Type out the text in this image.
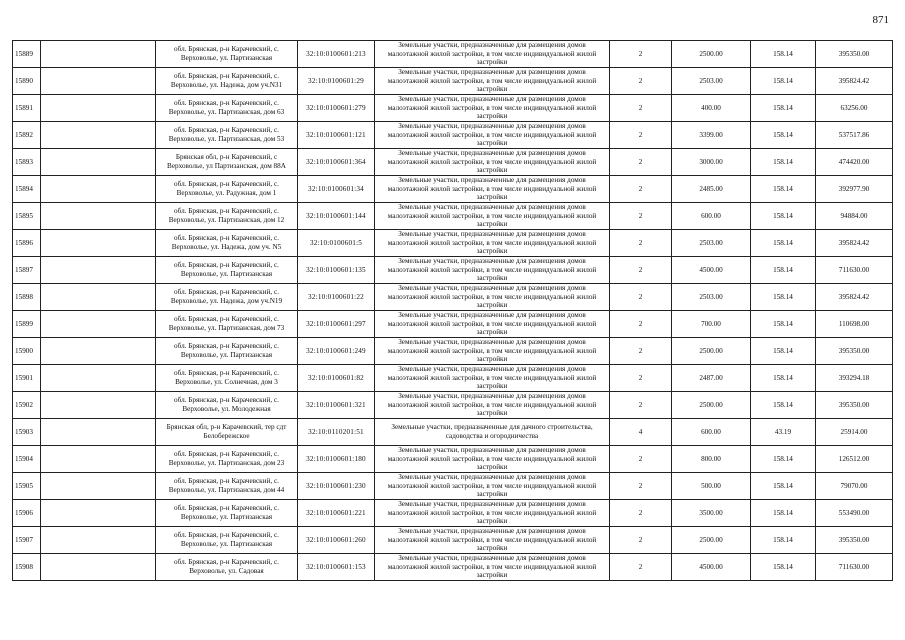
871
15889		обл. Брянская, р-н Карачевский, с. Верховолье, ул. Партизанская	32:10:0100601:213	Земельные участки, предназначенные для размещения домов малоэтажной жилой застройки, в том числе индивидуальной жилой застройки	2	2500.00	158.14	395350.00
15890		обл. Брянская, р-н Карачевский, с. Верховолье, ул. Надежа, дом уч.N31	32:10:0100601:29	Земельные участки, предназначенные для размещения домов малоэтажной жилой застройки, в том числе индивидуальной жилой застройки	2	2503.00	158.14	395824.42
15891		обл. Брянская, р-н Карачевский, с. Верховолье, ул. Партизанская, дом 63	32:10:0100601:279	Земельные участки, предназначенные для размещения домов малоэтажной жилой застройки, в том числе индивидуальной жилой застройки	2	400.00	158.14	63256.00
15892		обл. Брянская, р-н Карачевский, с. Верховолье, ул. Партизанская, дом 53	32:10:0100601:121	Земельные участки, предназначенные для размещения домов малоэтажной жилой застройки, в том числе индивидуальной жилой застройки	2	3399.00	158.14	537517.86
15893		Брянская обл, р-н Карачевский, с Верховолье, ул Партизанская, дом 88А	32:10:0100601:364	Земельные участки, предназначенные для размещения домов малоэтажной жилой застройки, в том числе индивидуальной жилой застройки	2	3000.00	158.14	474420.00
15894		обл. Брянская, р-н Карачевский, с. Верховолье, ул. Радужная, дом 1	32:10:0100601:34	Земельные участки, предназначенные для размещения домов малоэтажной жилой застройки, в том числе индивидуальной жилой застройки	2	2485.00	158.14	392977.90
15895		обл. Брянская, р-н Карачевский, с. Верховолье, ул. Партизанская, дом 12	32:10:0100601:144	Земельные участки, предназначенные для размещения домов малоэтажной жилой застройки, в том числе индивидуальной жилой застройки	2	600.00	158.14	94884.00
15896		обл. Брянская, р-н Карачевский, с. Верховолье, ул. Надежа, дом уч. N5	32:10:0100601:5	Земельные участки, предназначенные для размещения домов малоэтажной жилой застройки, в том числе индивидуальной жилой застройки	2	2503.00	158.14	395824.42
15897		обл. Брянская, р-н Карачевский, с. Верховолье, ул. Партизанская	32:10:0100601:135	Земельные участки, предназначенные для размещения домов малоэтажной жилой застройки, в том числе индивидуальной жилой застройки	2	4500.00	158.14	711630.00
15898		обл. Брянская, р-н Карачевский, с. Верховолье, ул. Надежа, дом уч.N19	32:10:0100601:22	Земельные участки, предназначенные для размещения домов малоэтажной жилой застройки, в том числе индивидуальной жилой застройки	2	2503.00	158.14	395824.42
15899		обл. Брянская, р-н Карачевский, с. Верховолье, ул. Партизанская, дом 73	32:10:0100601:297	Земельные участки, предназначенные для размещения домов малоэтажной жилой застройки, в том числе индивидуальной жилой застройки	2	700.00	158.14	110698.00
15900		обл. Брянская, р-н Карачевский, с. Верховолье, ул. Партизанская	32:10:0100601:249	Земельные участки, предназначенные для размещения домов малоэтажной жилой застройки, в том числе индивидуальной жилой застройки	2	2500.00	158.14	395350.00
15901		обл. Брянская, р-н Карачевский, с. Верховолье, ул. Солнечная, дом 3	32:10:0100601:82	Земельные участки, предназначенные для размещения домов малоэтажной жилой застройки, в том числе индивидуальной жилой застройки	2	2487.00	158.14	393294.18
15902		обл. Брянская, р-н Карачевский, с. Верховолье, ул. Молодежная	32:10:0100601:321	Земельные участки, предназначенные для размещения домов малоэтажной жилой застройки, в том числе индивидуальной жилой застройки	2	2500.00	158.14	395350.00
15903		Брянская обл, р-н Карачевский, тер сдт Белобережское	32:10:0110201:51	Земельные участки, предназначенные для дачного строительства, садоводства и огородничества	4	600.00	43.19	25914.00
15904		обл. Брянская, р-н Карачевский, с. Верховолье, ул. Партизанская, дом 23	32:10:0100601:180	Земельные участки, предназначенные для размещения домов малоэтажной жилой застройки, в том числе индивидуальной жилой застройки	2	800.00	158.14	126512.00
15905		обл. Брянская, р-н Карачевский, с. Верховолье, ул. Партизанская, дом 44	32:10:0100601:230	Земельные участки, предназначенные для размещения домов малоэтажной жилой застройки, в том числе индивидуальной жилой застройки	2	500.00	158.14	79070.00
15906		обл. Брянская, р-н Карачевский, с. Верховолье, ул. Партизанская	32:10:0100601:221	Земельные участки, предназначенные для размещения домов малоэтажной жилой застройки, в том числе индивидуальной жилой застройки	2	3500.00	158.14	553490.00
15907		обл. Брянская, р-н Карачевский, с. Верховолье, ул. Партизанская	32:10:0100601:260	Земельные участки, предназначенные для размещения домов малоэтажной жилой застройки, в том числе индивидуальной жилой застройки	2	2500.00	158.14	395350.00
15908		обл. Брянская, р-н Карачевский, с. Верховолье, ул. Садовая	32:10:0100601:153	Земельные участки, предназначенные для размещения домов малоэтажной жилой застройки, в том числе индивидуальной жилой застройки	2	4500.00	158.14	711630.00
